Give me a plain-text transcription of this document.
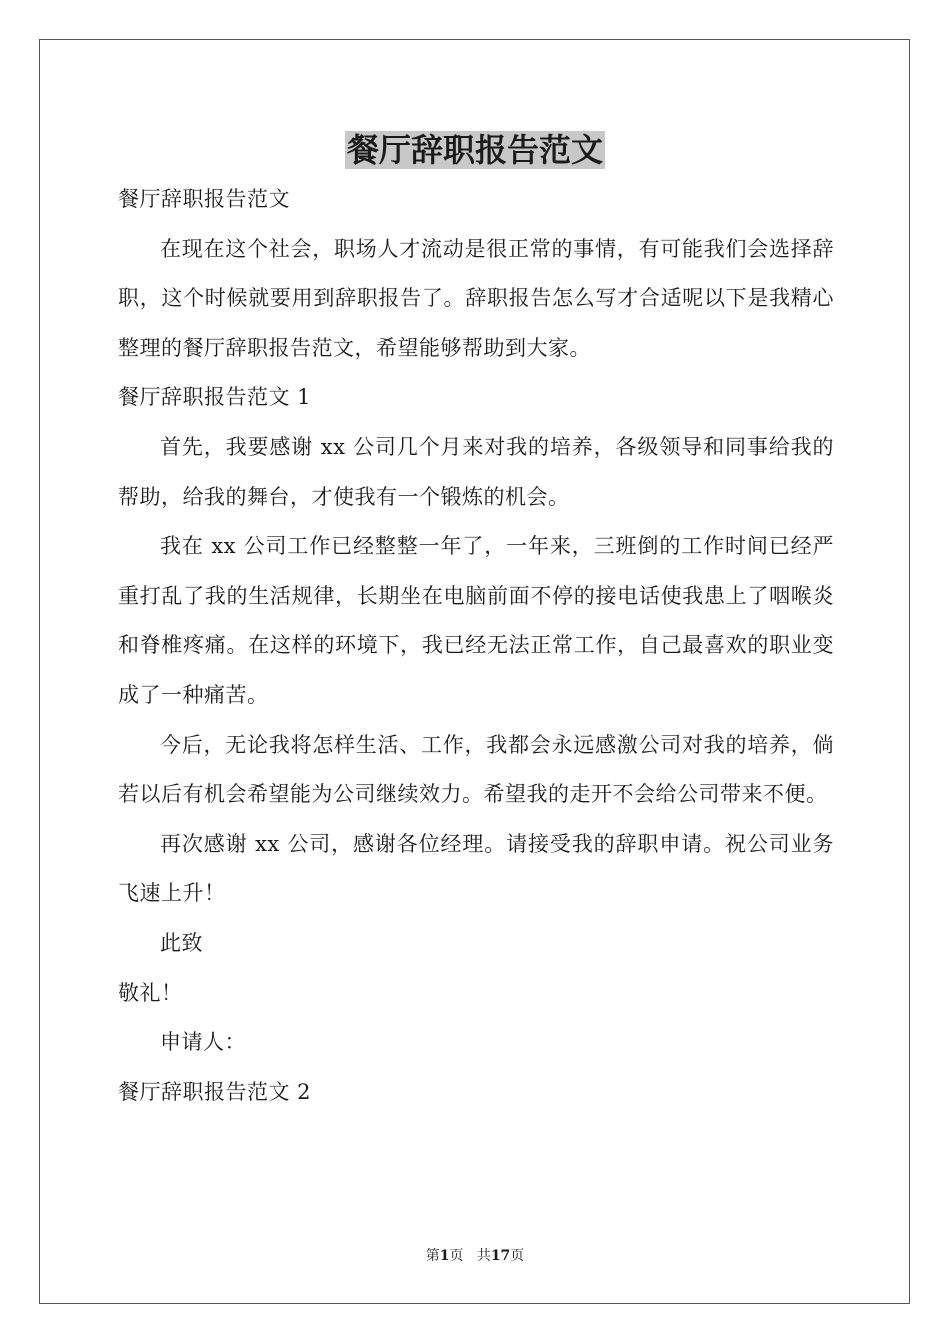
餐厅辞职报告范文

餐厅辞职报告范文

在现在这个社会，职场人才流动是很正常的事情，有可能我们会选择辞职，这个时候就要用到辞职报告了。辞职报告怎么写才合适呢以下是我精心整理的餐厅辞职报告范文，希望能够帮助到大家。

餐厅辞职报告范文 1

首先，我要感谢 xx 公司几个月来对我的培养，各级领导和同事给我的帮助，给我的舞台，才使我有一个锻炼的机会。

我在 xx 公司工作已经整整一年了，一年来，三班倒的工作时间已经严重打乱了我的生活规律，长期坐在电脑前面不停的接电话使我患上了咽喉炎和脊椎疼痛。在这样的环境下，我已经无法正常工作，自己最喜欢的职业变成了一种痛苦。

今后，无论我将怎样生活、工作，我都会永远感激公司对我的培养，倘若以后有机会希望能为公司继续效力。希望我的走开不会给公司带来不便。

再次感谢 xx 公司，感谢各位经理。请接受我的辞职申请。祝公司业务飞速上升！

此致

敬礼！

申请人：

餐厅辞职报告范文 2

第1页 共17页
